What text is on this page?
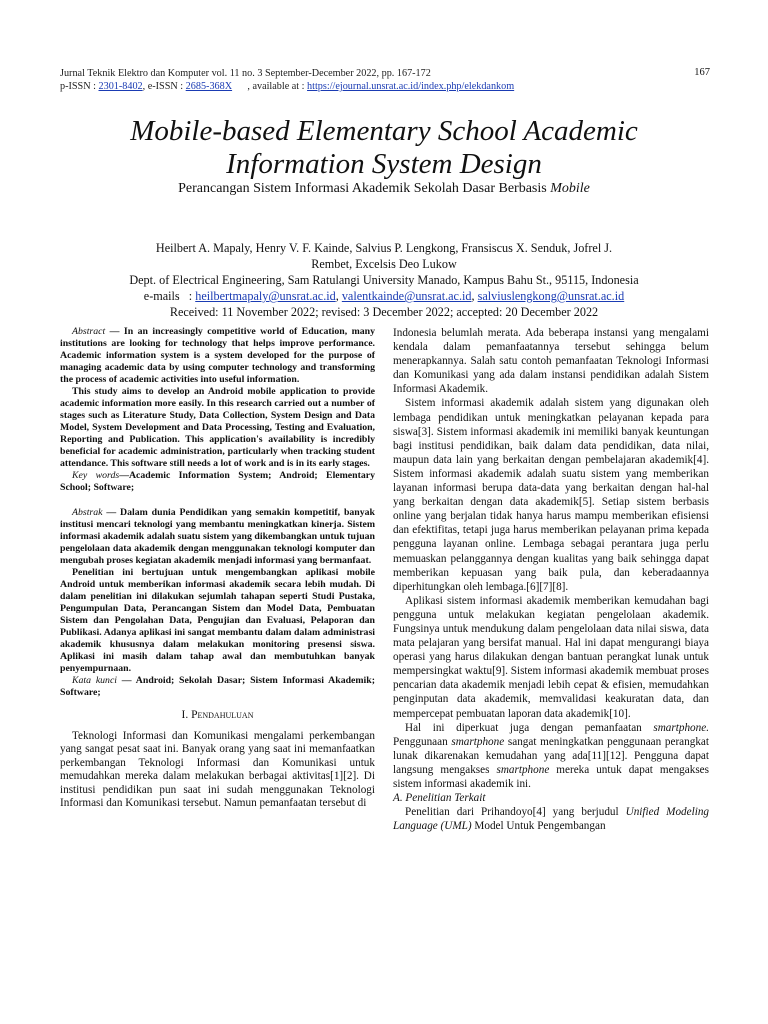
Jurnal Teknik Elektro dan Komputer vol. 11 no. 3 September-December 2022, pp. 167-172	167
p-ISSN : 2301-8402, e-ISSN : 2685-368X      , available at : https://ejournal.unsrat.ac.id/index.php/elekdankom
Mobile-based Elementary School Academic
Information System Design
Perancangan Sistem Informasi Akademik Sekolah Dasar Berbasis Mobile
Heilbert A. Mapaly, Henry V. F. Kainde, Salvius P. Lengkong, Fransiscus X. Senduk, Jofrel J.
Rembet, Excelsis Deo Lukow
Dept. of Electrical Engineering, Sam Ratulangi University Manado, Kampus Bahu St., 95115, Indonesia
e-mails   : heilbertmapaly@unsrat.ac.id, valentkainde@unsrat.ac.id, salviuslengkong@unsrat.ac.id
Received: 11 November 2022; revised: 3 December 2022; accepted: 20 December 2022

Abstract — In an increasingly competitive world of Education, many institutions are looking for technology that helps improve performance. Academic information system is a system developed for the purpose of managing academic data by using computer technology and transforming the process of academic activities into useful information.

This study aims to develop an Android mobile application to provide academic information more easily. In this research carried out a number of stages such as Literature Study, Data Collection, System Design and Data Model, System Development and Data Processing, Testing and Evaluation, Reporting and Publication. This application's availability is incredibly beneficial for academic administration, particularly when tracking student attendance. This software still needs a lot of work and is in its early stages.

Key words—Academic Information System; Android; Elementary School; Software;

Abstrak — Dalam dunia Pendidikan yang semakin kompetitif, banyak institusi mencari teknologi yang membantu meningkatkan kinerja. Sistem informasi akademik adalah suatu sistem yang dikembangkan untuk tujuan pengelolaan data akademik dengan menggunakan teknologi komputer dan mengubah proses kegiatan akademik menjadi informasi yang bermanfaat.

Penelitian ini bertujuan untuk mengembangkan aplikasi mobile Android untuk memberikan informasi akademik secara lebih mudah. Di dalam penelitian ini dilakukan sejumlah tahapan seperti Studi Pustaka, Pengumpulan Data, Perancangan Sistem dan Model Data, Pembuatan Sistem dan Pengolahan Data, Pengujian dan Evaluasi, Pelaporan dan Publikasi. Adanya aplikasi ini sangat membantu dalam dalam administrasi akademik khususnya dalam melakukan monitoring presensi siswa. Aplikasi ini masih dalam tahap awal dan membutuhkan banyak penyempurnaan.

Kata kunci — Android; Sekolah Dasar; Sistem Informasi Akademik; Software;

I. Pendahuluan

Teknologi Informasi dan Komunikasi mengalami perkembangan yang sangat pesat saat ini. Banyak orang yang saat ini memanfaatkan perkembangan Teknologi Informasi dan Komunikasi untuk memudahkan mereka dalam melakukan berbagai aktivitas[1][2]. Di institusi pendidikan pun saat ini sudah menggunakan Teknologi Informasi dan Komunikasi tersebut. Namun pemanfaatan tersebut di

Indonesia belumlah merata. Ada beberapa instansi yang mengalami kendala dalam pemanfaatannya tersebut sehingga belum menerapkannya. Salah satu contoh pemanfaatan Teknologi Informasi dan Komunikasi yang ada dalam instansi pendidikan adalah Sistem Informasi Akademik.

Sistem informasi akademik adalah sistem yang digunakan oleh lembaga pendidikan untuk meningkatkan pelayanan kepada para siswa[3]. Sistem informasi akademik ini memiliki banyak keuntungan bagi institusi pendidikan, baik dalam data pendidikan, data nilai, maupun data lain yang berkaitan dengan pembelajaran akademik[4]. Sistem informasi akademik adalah suatu sistem yang memberikan layanan informasi berupa data-data yang berkaitan dengan hal-hal yang berkaitan dengan data akademik[5]. Setiap sistem berbasis online yang berjalan tidak hanya harus mampu memberikan efisiensi dan efektifitas, tetapi juga harus memberikan pelayanan prima kepada pengguna layanan online. Lembaga sebagai perantara juga perlu memuaskan pelanggannya dengan kualitas yang baik sehingga dapat memberikan kepuasan yang baik pula, dan keberadaannya diperhitungkan oleh lembaga.[6][7][8].

Aplikasi sistem informasi akademik memberikan kemudahan bagi pengguna untuk melakukan kegiatan pengelolaan akademik. Fungsinya untuk mendukung dalam pengelolaan data nilai siswa, data mata pelajaran yang bersifat manual. Hal ini dapat mengurangi biaya operasi yang harus dilakukan dengan bantuan perangkat lunak untuk mempersingkat waktu[9]. Sistem informasi akademik membuat proses pencarian data akademik menjadi lebih cepat & efisien, memudahkan penginputan data akademik, memvalidasi keakuratan data, dan mempercepat pembuatan laporan data akademik[10].

Hal ini diperkuat juga dengan pemanfaatan smartphone. Penggunaan smartphone sangat meningkatkan penggunaan perangkat lunak dikarenakan kemudahan yang ada[11][12]. Pengguna dapat langsung mengakses smartphone mereka untuk dapat mengakses sistem informasi akademik ini.

A. Penelitian Terkait

Penelitian dari Prihandoyo[4] yang berjudul Unified Modeling Language (UML) Model Untuk Pengembangan
